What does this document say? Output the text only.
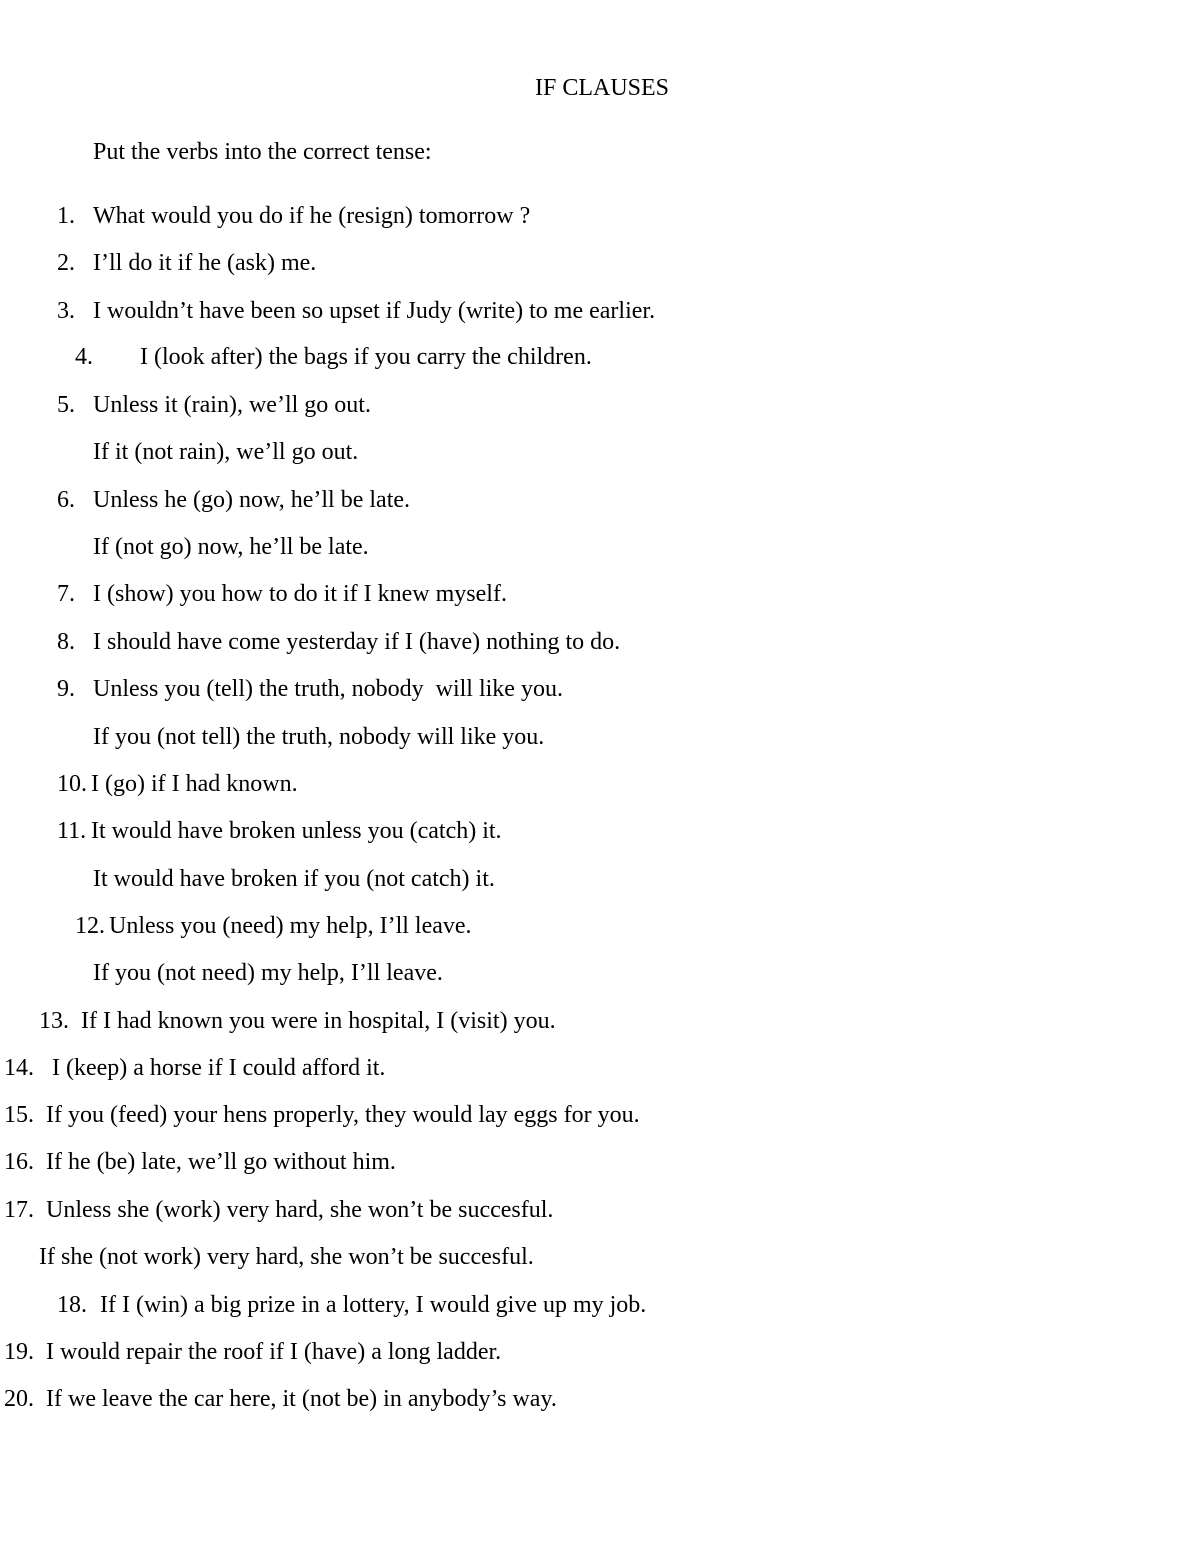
IF CLAUSES
Put the verbs into the correct tense:
1. What would you do if he (resign) tomorrow ?
2. I’ll do it if he (ask) me.
3. I wouldn’t have been so upset if Judy (write) to me earlier.
4. I (look after) the bags if you carry the children.
5. Unless it (rain), we’ll go out.
If it (not rain), we’ll go out.
6. Unless he (go) now, he’ll be late.
If (not go) now, he’ll be late.
7. I (show) you how to do it if I knew myself.
8. I should have come yesterday if I (have) nothing to do.
9. Unless you (tell) the truth, nobody  will like you.
If you (not tell) the truth, nobody will like you.
10. I (go) if I had known.
11. It would have broken unless you (catch) it.
It would have broken if you (not catch) it.
12. Unless you (need) my help, I’ll leave.
If you (not need) my help, I’ll leave.
13. If I had known you were in hospital, I (visit) you.
14. I (keep) a horse if I could afford it.
15. If you (feed) your hens properly, they would lay eggs for you.
16. If he (be) late, we’ll go without him.
17. Unless she (work) very hard, she won’t be succesful.
If she (not work) very hard, she won’t be succesful.
18. If I (win) a big prize in a lottery, I would give up my job.
19. I would repair the roof if I (have) a long ladder.
20. If we leave the car here, it (not be) in anybody’s way.
